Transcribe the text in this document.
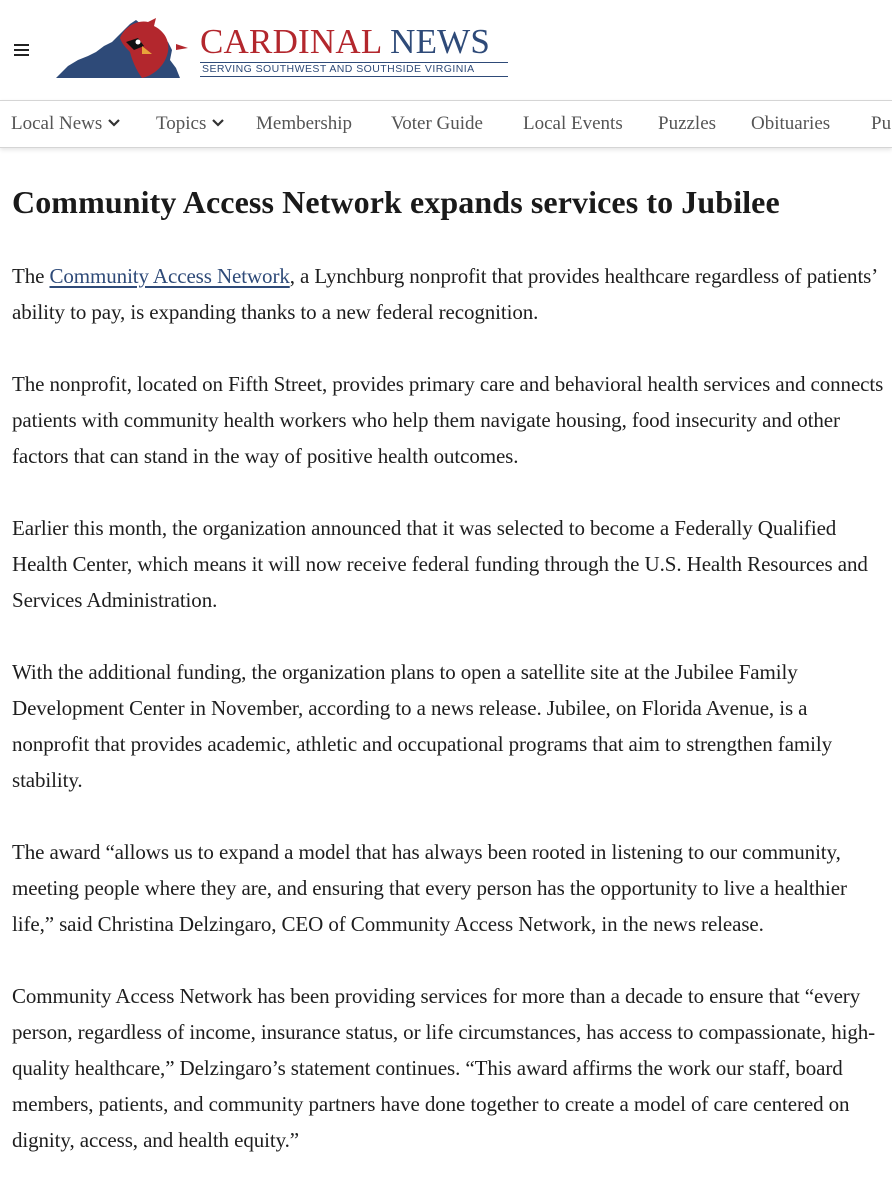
CARDINAL NEWS
SERVING SOUTHWEST AND SOUTHSIDE VIRGINIA
Local News	Topics	Membership Voter Guide Local Events Puzzles Obituaries Pu
Community Access Network expands services to Jubilee

The Community Access Network, a Lynchburg nonprofit that provides healthcare regardless of patients’ ability to pay, is expanding thanks to a new federal recognition.

The nonprofit, located on Fifth Street, provides primary care and behavioral health services and connects patients with community health workers who help them navigate housing, food insecurity and other factors that can stand in the way of positive health outcomes.

Earlier this month, the organization announced that it was selected to become a Federally Qualified Health Center, which means it will now receive federal funding through the U.S. Health Resources and Services Administration.

With the additional funding, the organization plans to open a satellite site at the Jubilee Family Development Center in November, according to a news release. Jubilee, on Florida Avenue, is a nonprofit that provides academic, athletic and occupational programs that aim to strengthen family stability.

The award “allows us to expand a model that has always been rooted in listening to our community, meeting people where they are, and ensuring that every person has the opportunity to live a healthier life,” said Christina Delzingaro, CEO of Community Access Network, in the news release.

Community Access Network has been providing services for more than a decade to ensure that “every person, regardless of income, insurance status, or life circumstances, has access to compassionate, high-quality healthcare,” Delzingaro’s statement continues. “This award affirms the work our staff, board members, patients, and community partners have done together to create a model of care centered on dignity, access, and health equity.”
